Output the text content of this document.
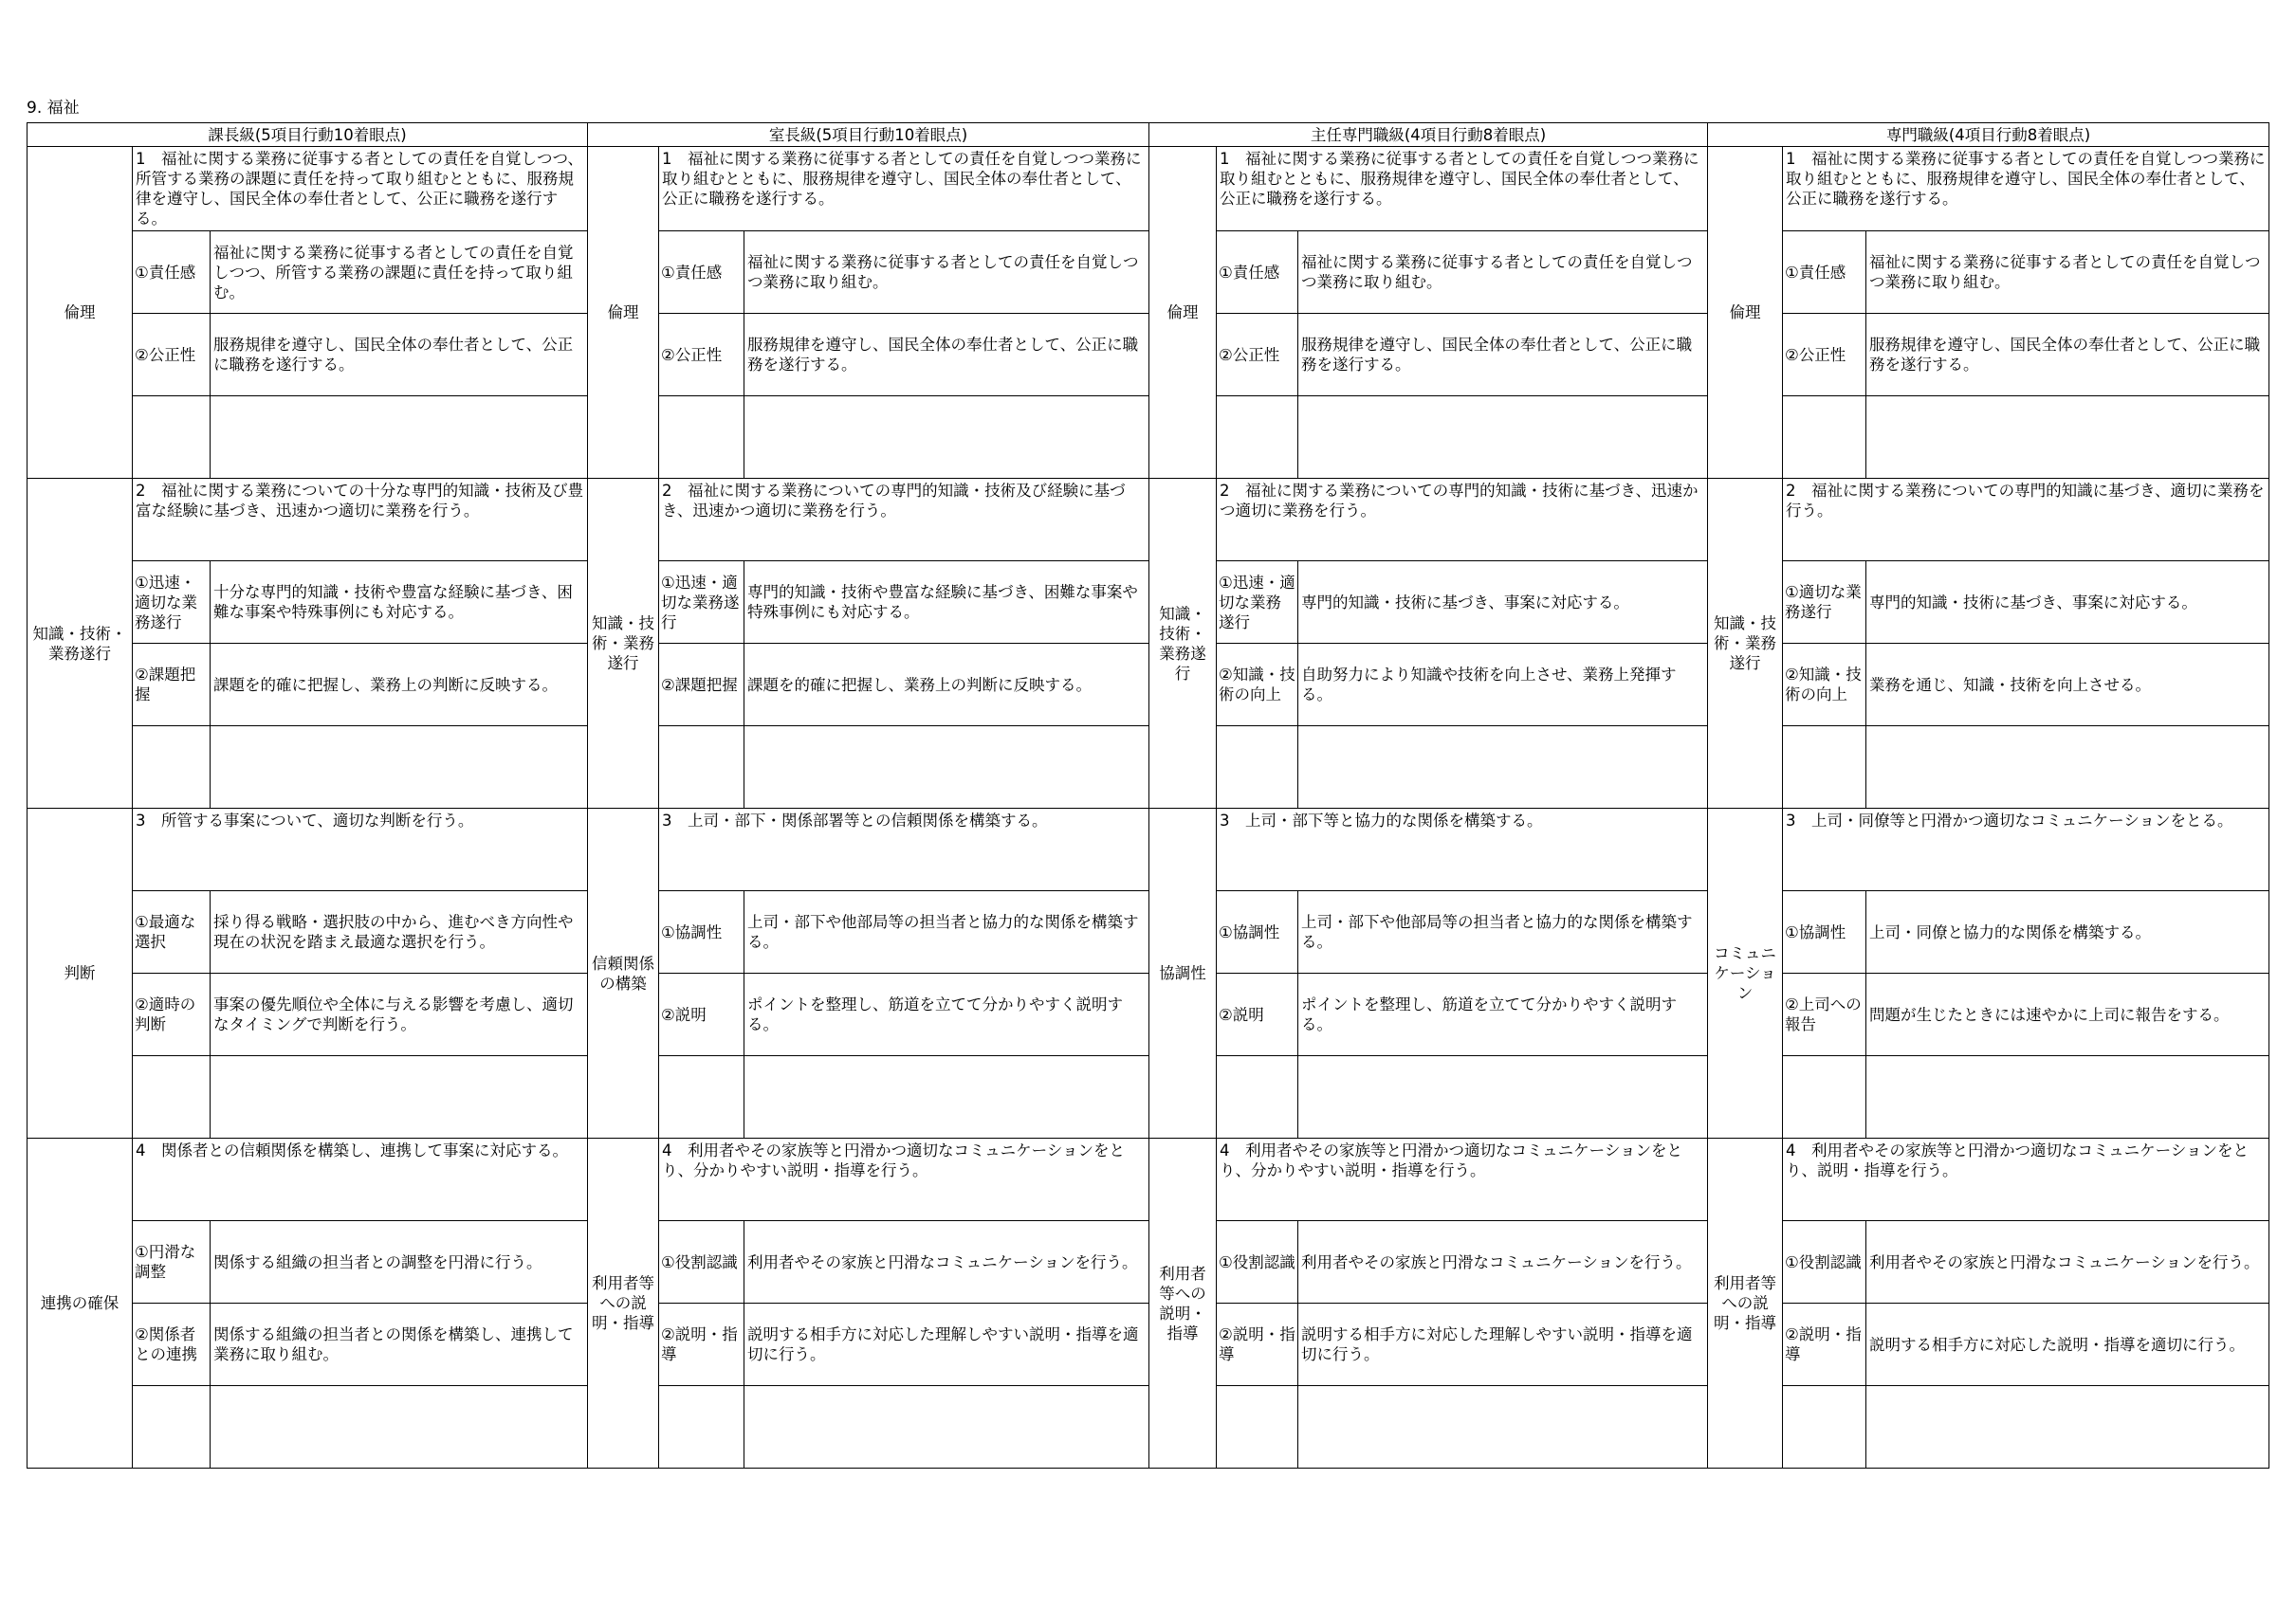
9. 福祉
課長級(5項目行動10着眼点)			室長級(5項目行動10着眼点)			主任専門職級(4項目行動8着眼点)			専門職級(4項目行動8着眼点)		
倫理	1　福祉に関する業務に従事する者としての責任を自覚しつつ、所管する業務の課題に責任を持って取り組むとともに、服務規律を遵守し、国民全体の奉仕者として、公正に職務を遂行する。		倫理	1　福祉に関する業務に従事する者としての責任を自覚しつつ業務に取り組むとともに、服務規律を遵守し、国民全体の奉仕者として、公正に職務を遂行する。		倫理	1　福祉に関する業務に従事する者としての責任を自覚しつつ業務に取り組むとともに、服務規律を遵守し、国民全体の奉仕者として、公正に職務を遂行する。		倫理	1　福祉に関する業務に従事する者としての責任を自覚しつつ業務に取り組むとともに、服務規律を遵守し、国民全体の奉仕者として、公正に職務を遂行する。	
	①責任感	福祉に関する業務に従事する者としての責任を自覚しつつ、所管する業務の課題に責任を持って取り組む。		①責任感	福祉に関する業務に従事する者としての責任を自覚しつつ業務に取り組む。		①責任感	福祉に関する業務に従事する者としての責任を自覚しつつ業務に取り組む。		①責任感	福祉に関する業務に従事する者としての責任を自覚しつつ業務に取り組む。
	②公正性	服務規律を遵守し、国民全体の奉仕者として、公正に職務を遂行する。		②公正性	服務規律を遵守し、国民全体の奉仕者として、公正に職務を遂行する。		②公正性	服務規律を遵守し、国民全体の奉仕者として、公正に職務を遂行する。		②公正性	服務規律を遵守し、国民全体の奉仕者として、公正に職務を遂行する。

知識・技術・業務遂行	2　福祉に関する業務についての十分な専門的知識・技術及び豊富な経験に基づき、迅速かつ適切に業務を行う。		知識・技術・業務遂行	2　福祉に関する業務についての専門的知識・技術及び経験に基づき、迅速かつ適切に業務を行う。		知識・技術・業務遂行	2　福祉に関する業務についての専門的知識・技術に基づき、迅速かつ適切に業務を行う。		知識・技術・業務遂行	2　福祉に関する業務についての専門的知識に基づき、適切に業務を行う。	
	①迅速・適切な業務遂行	十分な専門的知識・技術や豊富な経験に基づき、困難な事案や特殊事例にも対応する。		①迅速・適切な業務遂行	専門的知識・技術や豊富な経験に基づき、困難な事案や特殊事例にも対応する。		①迅速・適切な業務遂行	専門的知識・技術に基づき、事案に対応する。		①適切な業務遂行	専門的知識・技術に基づき、事案に対応する。
	②課題把握	課題を的確に把握し、業務上の判断に反映する。		②課題把握	課題を的確に把握し、業務上の判断に反映する。		②知識・技術の向上	自助努力により知識や技術を向上させ、業務上発揮する。		②知識・技術の向上	業務を通じ、知識・技術を向上させる。

判断	3　所管する事案について、適切な判断を行う。		信頼関係の構築	3　上司・部下・関係部署等との信頼関係を構築する。		協調性	3　上司・部下等と協力的な関係を構築する。		コミュニケーション	3　上司・同僚等と円滑かつ適切なコミュニケーションをとる。	
	①最適な選択	採り得る戦略・選択肢の中から、進むべき方向性や現在の状況を踏まえ最適な選択を行う。		①協調性	上司・部下や他部局等の担当者と協力的な関係を構築する。		①協調性	上司・部下や他部局等の担当者と協力的な関係を構築する。		①協調性	上司・同僚と協力的な関係を構築する。
	②適時の判断	事案の優先順位や全体に与える影響を考慮し、適切なタイミングで判断を行う。		②説明	ポイントを整理し、筋道を立てて分かりやすく説明する。		②説明	ポイントを整理し、筋道を立てて分かりやすく説明する。		②上司への報告	問題が生じたときには速やかに上司に報告をする。

連携の確保	4　関係者との信頼関係を構築し、連携して事案に対応する。		利用者等への説明・指導	4　利用者やその家族等と円滑かつ適切なコミュニケーションをとり、分かりやすい説明・指導を行う。		利用者等への説明・指導	4　利用者やその家族等と円滑かつ適切なコミュニケーションをとり、分かりやすい説明・指導を行う。		利用者等への説明・指導	4　利用者やその家族等と円滑かつ適切なコミュニケーションをとり、説明・指導を行う。	
	①円滑な調整	関係する組織の担当者との調整を円滑に行う。		①役割認識	利用者やその家族と円滑なコミュニケーションを行う。		①役割認識	利用者やその家族と円滑なコミュニケーションを行う。		①役割認識	利用者やその家族と円滑なコミュニケーションを行う。
	②関係者との連携	関係する組織の担当者との関係を構築し、連携して業務に取り組む。		②説明・指導	説明する相手方に対応した理解しやすい説明・指導を適切に行う。		②説明・指導	説明する相手方に対応した理解しやすい説明・指導を適切に行う。		②説明・指導	説明する相手方に対応した説明・指導を適切に行う。
